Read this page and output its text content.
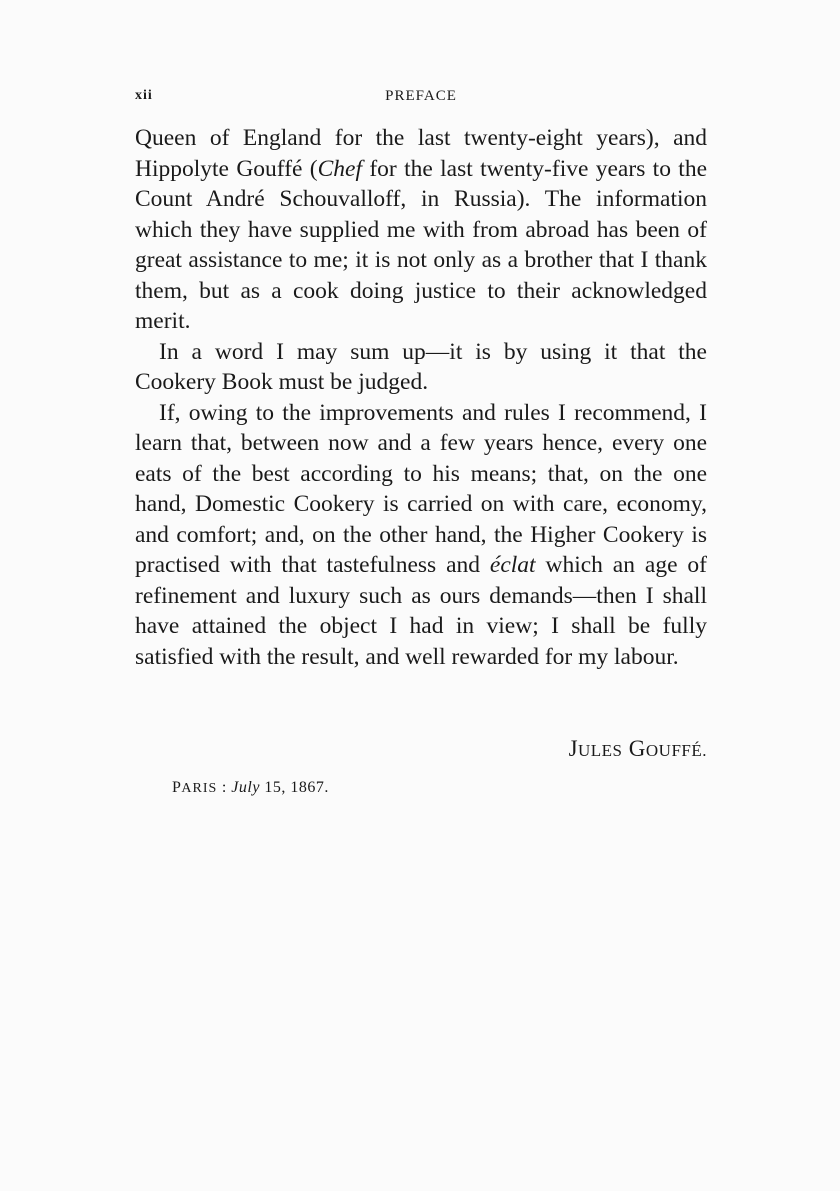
xii	PREFACE

Queen of England for the last twenty-eight years), and Hippolyte Gouffé (Chef for the last twenty-five years to the Count André Schouvalloff, in Russia). The information which they have supplied me with from abroad has been of great assistance to me; it is not only as a brother that I thank them, but as a cook doing justice to their acknowledged merit.

In a word I may sum up—it is by using it that the Cookery Book must be judged.

If, owing to the improvements and rules I recommend, I learn that, between now and a few years hence, every one eats of the best according to his means; that, on the one hand, Domestic Cookery is carried on with care, economy, and comfort; and, on the other hand, the Higher Cookery is practised with that tastefulness and éclat which an age of refinement and luxury such as ours demands—then I shall have attained the object I had in view; I shall be fully satisfied with the result, and well rewarded for my labour.

JULES GOUFFÉ.
PARIS : July 15, 1867.
